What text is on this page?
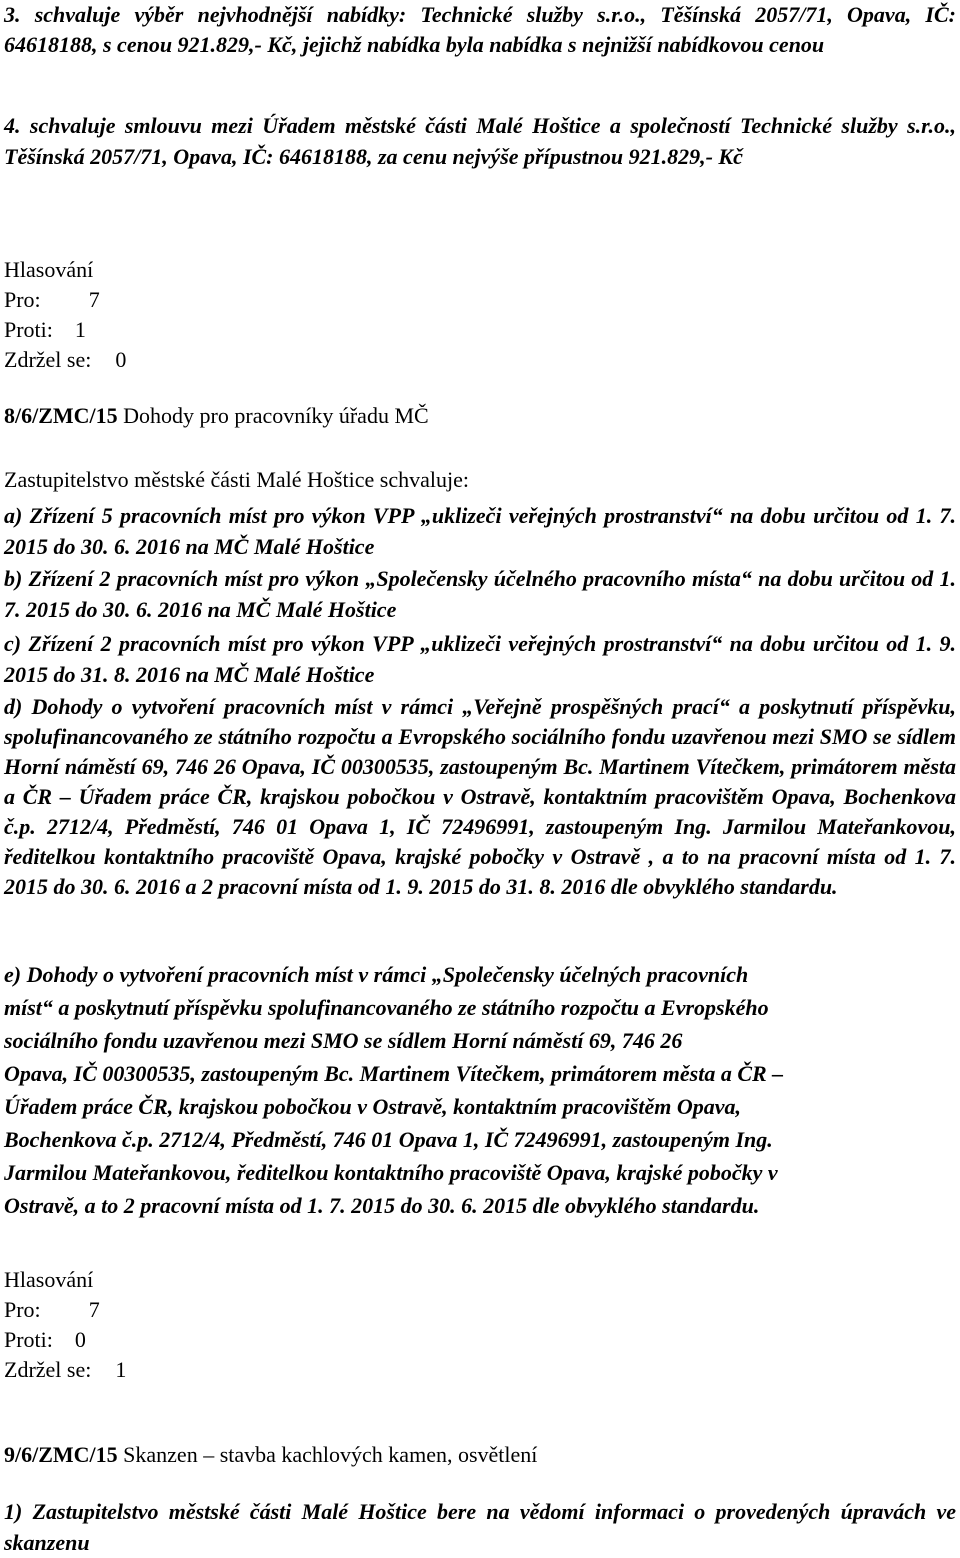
3. schvaluje výběr nejvhodnější nabídky: Technické služby s.r.o., Těšínská 2057/71, Opava, IČ: 64618188, s cenou 921.829,- Kč, jejichž nabídka byla nabídka s nejnižší nabídkovou cenou

4. schvaluje smlouvu mezi Úřadem městské části Malé Hoštice a společností Technické služby s.r.o., Těšínská 2057/71, Opava, IČ: 64618188, za cenu nejvýše přípustnou 921.829,- Kč

Hlasování
Pro: 7
Proti: 1
Zdržel se: 0
8/6/ZMC/15 Dohody pro pracovníky úřadu MČ
Zastupitelstvo městské části Malé Hoštice schvaluje:

a) Zřízení 5 pracovních míst pro výkon VPP „uklizeči veřejných prostranství“ na dobu určitou od 1. 7. 2015 do 30. 6. 2016 na MČ Malé Hoštice

b) Zřízení 2 pracovních míst pro výkon „Společensky účelného pracovního místa“ na dobu určitou od 1. 7. 2015 do 30. 6. 2016 na MČ Malé Hoštice

c) Zřízení 2 pracovních míst pro výkon VPP „uklizeči veřejných prostranství“ na dobu určitou od 1. 9. 2015 do 31. 8. 2016 na MČ Malé Hoštice

d) Dohody o vytvoření pracovních míst v rámci „Veřejně prospěšných prací“ a poskytnutí příspěvku, spolufinancovaného ze státního rozpočtu a Evropského sociálního fondu uzavřenou mezi SMO se sídlem Horní náměstí 69, 746 26 Opava, IČ 00300535, zastoupeným Bc. Martinem Vítečkem, primátorem města a ČR – Úřadem práce ČR, krajskou pobočkou v Ostravě, kontaktním pracovištěm Opava, Bochenkova č.p. 2712/4, Předměstí, 746 01 Opava 1, IČ 72496991, zastoupeným Ing. Jarmilou Mateřankovou, ředitelkou kontaktního pracoviště Opava, krajské pobočky v Ostravě , a to na pracovní místa od 1. 7. 2015 do 30. 6. 2016 a 2 pracovní místa od 1. 9. 2015 do 31. 8. 2016 dle obvyklého standardu.

e) Dohody o vytvoření pracovních míst v rámci „Společensky účelných pracovních
míst“ a poskytnutí příspěvku spolufinancovaného ze státního rozpočtu a Evropského
sociálního fondu uzavřenou mezi SMO se sídlem Horní náměstí 69, 746 26
Opava, IČ 00300535, zastoupeným Bc. Martinem Vítečkem, primátorem města a ČR –
Úřadem práce ČR, krajskou pobočkou v Ostravě, kontaktním pracovištěm Opava,
Bochenkova č.p. 2712/4, Předměstí, 746 01 Opava 1, IČ 72496991, zastoupeným Ing.
Jarmilou Mateřankovou, ředitelkou kontaktního pracoviště Opava, krajské pobočky v
Ostravě, a to 2 pracovní místa od 1. 7. 2015 do 30. 6. 2015 dle obvyklého standardu.
Hlasování
Pro: 7
Proti: 0
Zdržel se: 1
9/6/ZMC/15 Skanzen – stavba kachlových kamen, osvětlení

1) Zastupitelstvo městské části Malé Hoštice bere na vědomí informaci o provedených úpravách ve skanzenu
